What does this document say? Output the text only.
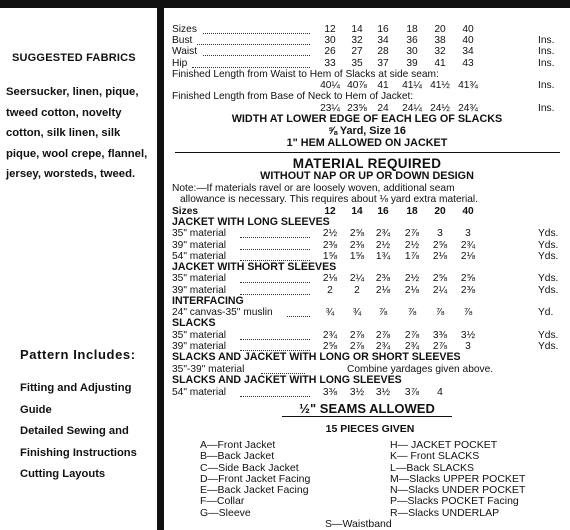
SUGGESTED FABRICS
Seersucker, linen, pique, tweed cotton, novelty cotton, silk linen, silk pique, wool crepe, flannel, jersey, worsteds, tweed.
Pattern Includes:
Fitting and Adjusting Guide
Detailed Sewing and Finishing Instructions
Cutting Layouts
Sizes	12	14	16	18	20	40
Bust	30	32	34	36	38	40	Ins.
Waist	26	27	28	30	32	34	Ins.
Hip	33	35	37	39	41	43	Ins.
Finished Length from Waist to Hem of Slacks at side seam:
40¼ 40⅞	41	41¼ 41½ 41¾	Ins.
Finished Length from Base of Neck to Hem of Jacket:
23¼ 23⅝	24	24¼ 24½ 24¾	Ins.
WIDTH AT LOWER EDGE OF EACH LEG OF SLACKS
⅝ Yard, Size 16
1" HEM ALLOWED ON JACKET
MATERIAL REQUIRED
WITHOUT NAP OR UP OR DOWN DESIGN
Note:—If materials ravel or are loosely woven, additional seam
allowance is necessary. This requires about ⅛ yard extra material.
Sizes	12	14	16	18	20	40
JACKET WITH LONG SLEEVES
35" material	2½	2⅝	2¾	2⅞	3	3	Yds.
39" material	2⅜	2⅜	2½	2½	2⅝	2¾	Yds.
54" material	1⅝	1⅝	1¾	1⅞	2⅛	2⅛	Yds.
JACKET WITH SHORT SLEEVES
35" material	2⅛	2¼	2⅜	2½	2⅝	2⅝	Yds.
39" material	2	2	2⅛	2⅛	2¼	2⅜	Yds.
INTERFACING
24" canvas-35" muslin	¾	¾	⅞	⅞	⅞	⅞	Yd.
SLACKS
35" material	2¾	2⅞	2⅞	2⅞	3⅜	3½	Yds.
39" material	2⅝	2⅞	2¾	2¾	2⅞	3	Yds.
SLACKS AND JACKET WITH LONG OR SHORT SLEEVES
35"-39" material	Combine yardages given above.
SLACKS AND JACKET WITH LONG SLEEVES
54" material	3⅜	3½	3½	3⅞	4
½" SEAMS ALLOWED
15 PIECES GIVEN
A—Front Jacket
B—Back Jacket
C—Side Back Jacket
D—Front Jacket Facing
E—Back Jacket Facing
F—Collar
G—Sleeve
H— JACKET POCKET
K— Front SLACKS
L—Back SLACKS
M—Slacks UPPER POCKET
N—Slacks UNDER POCKET
P—Slacks POCKET Facing
R—Slacks UNDERLAP
S—Waistband
